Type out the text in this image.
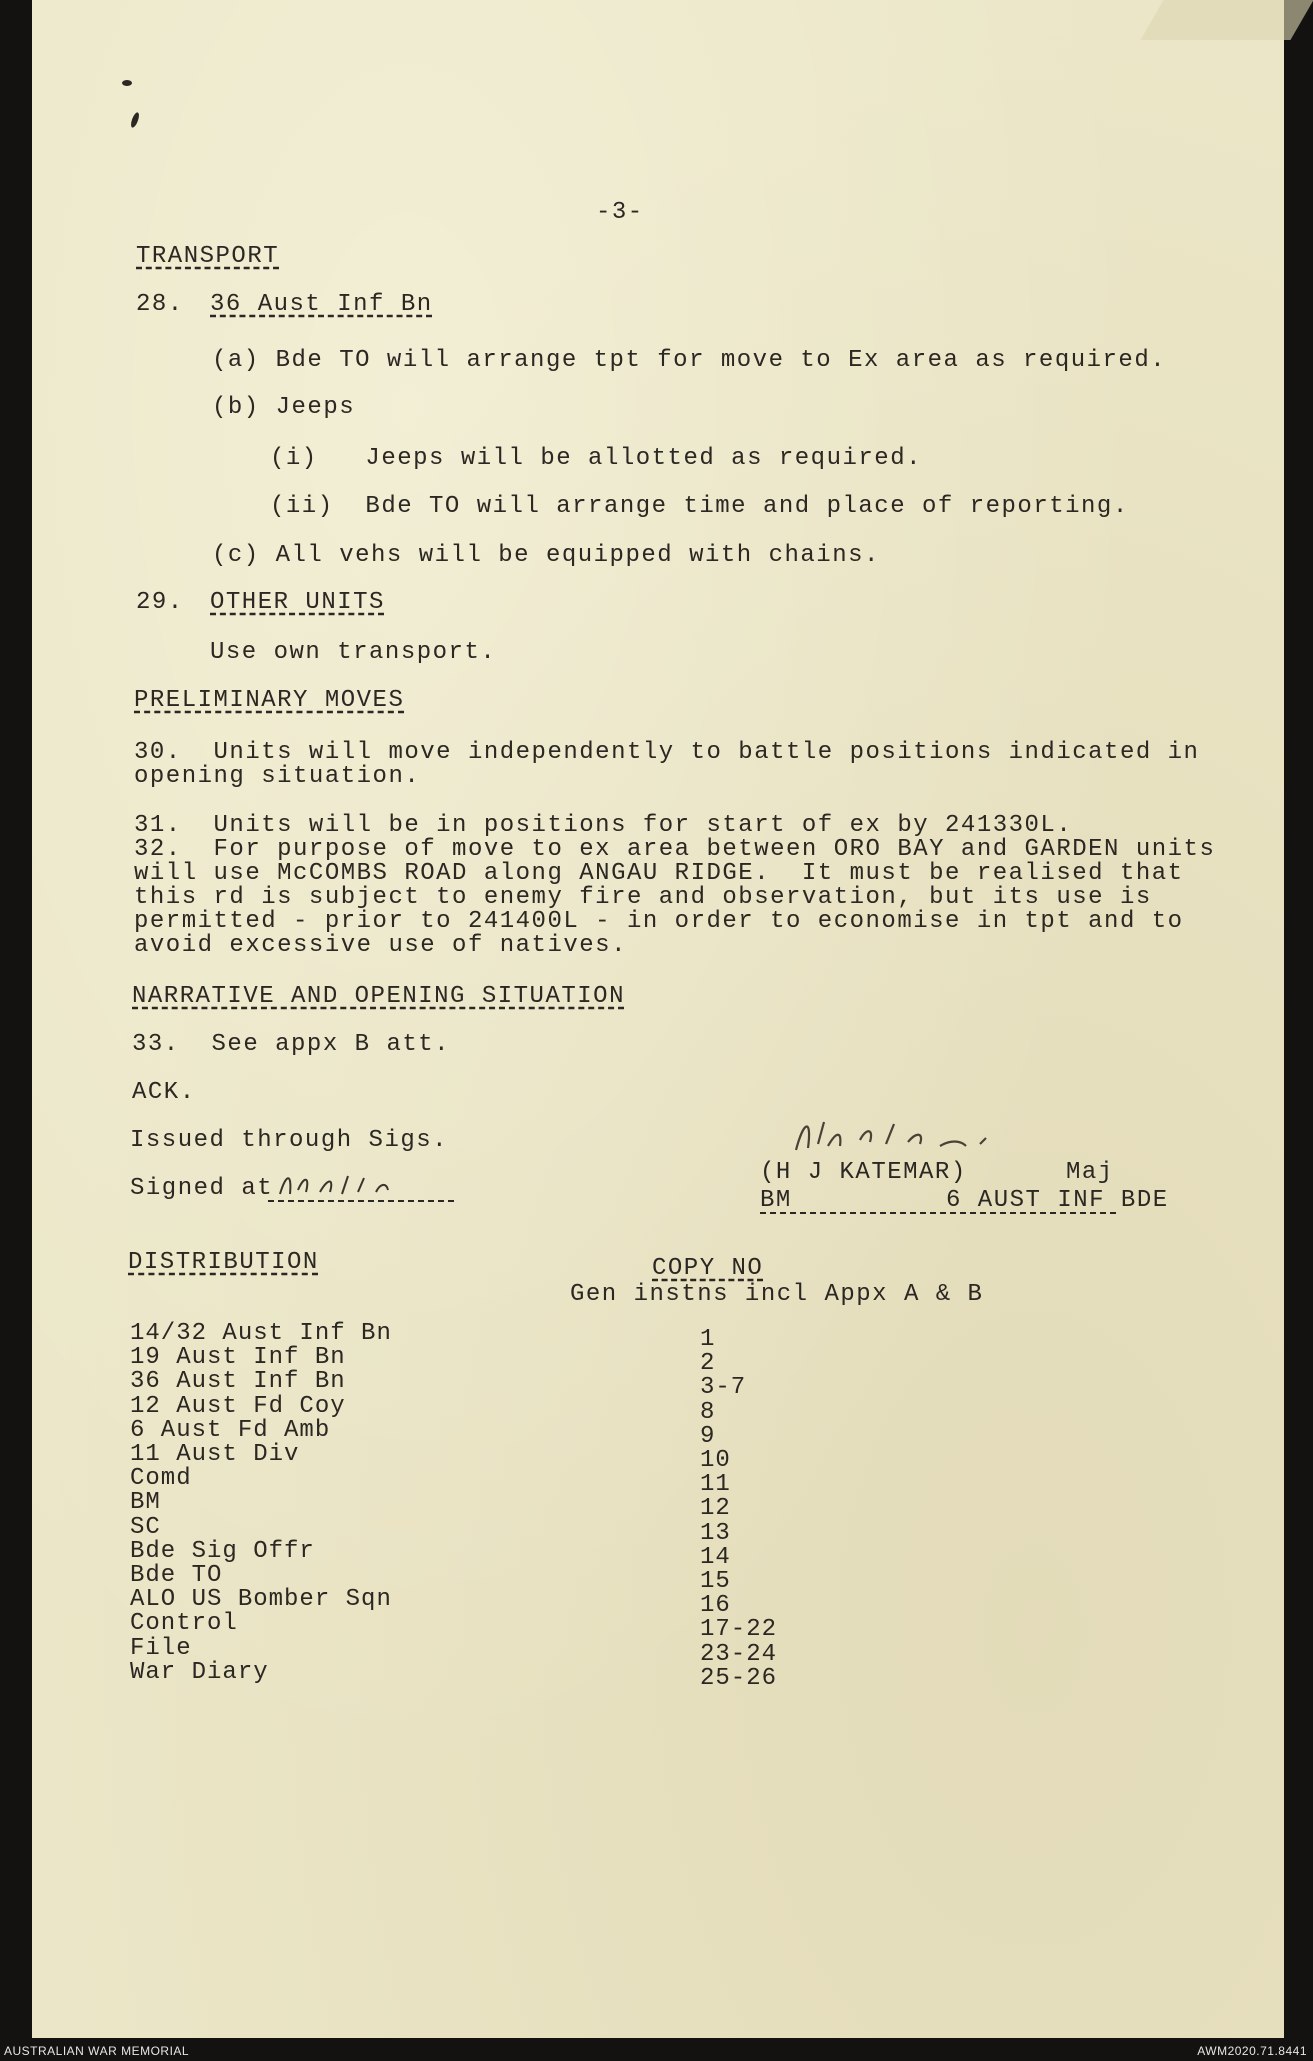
-3-
TRANSPORT
28. 36 Aust Inf Bn
(a) Bde TO will arrange tpt for move to Ex area as required.
(b) Jeeps
(i)   Jeeps will be allotted as required.
(ii)  Bde TO will arrange time and place of reporting.
(c) All vehs will be equipped with chains.
29. OTHER UNITS
Use own transport.
PRELIMINARY MOVES
30.  Units will move independently to battle positions indicated in
opening situation.
31.  Units will be in positions for start of ex by 241330L.
32.  For purpose of move to ex area between ORO BAY and GARDEN units
will use McCOMBS ROAD along ANGAU RIDGE.  It must be realised that
this rd is subject to enemy fire and observation, but its use is
permitted - prior to 241400L - in order to economise in tpt and to
avoid excessive use of natives.
NARRATIVE AND OPENING SITUATION
33.  See appx B att.
ACK.
Issued through Sigs.
Signed at
(H J KATEMAR)	Maj
BM	6 AUST INF BDE
DISTRIBUTION	COPY NO
Gen instns incl Appx A & B
14/32 Aust Inf Bn	1
19 Aust Inf Bn	2
36 Aust Inf Bn	3-7
12 Aust Fd Coy	8
6 Aust Fd Amb	9
11 Aust Div	10
Comd	11
BM	12
SC	13
Bde Sig Offr	14
Bde TO	15
ALO US Bomber Sqn	16
Control	17-22
File	23-24
War Diary	25-26
AUSTRALIAN WAR MEMORIAL	AWM2020.71.8441
